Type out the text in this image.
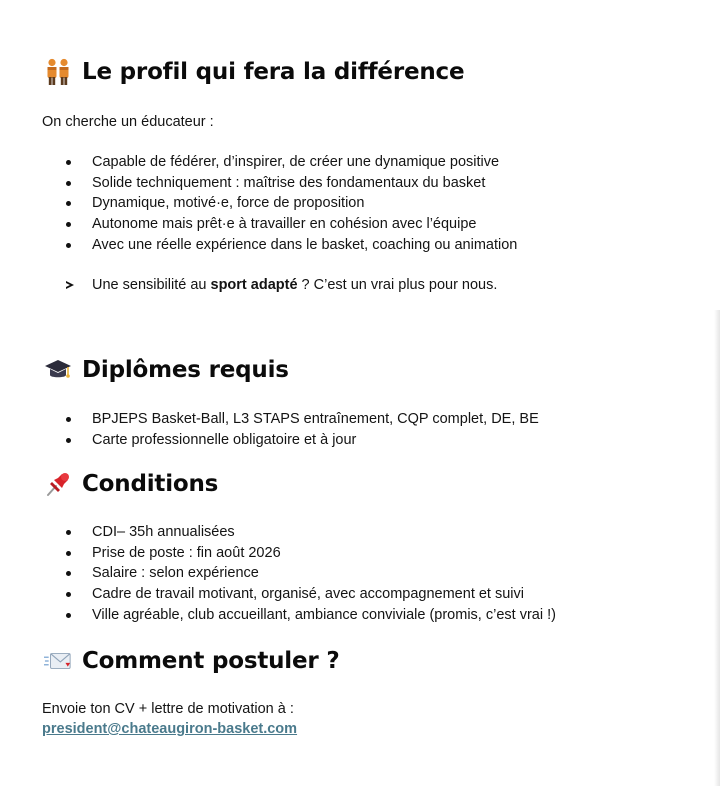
Le profil qui fera la différence

On cherche un éducateur :

Capable de fédérer, d’inspirer, de créer une dynamique positive
Solide techniquement : maîtrise des fondamentaux du basket
Dynamique, motivé·e, force de proposition
Autonome mais prêt·e à travailler en cohésion avec l’équipe
Avec une réelle expérience dans le basket, coaching ou animation
Une sensibilité au sport adapté ? C’est un vrai plus pour nous.
Diplômes requis
BPJEPS Basket-Ball, L3 STAPS entraînement, CQP complet, DE, BE
Carte professionnelle obligatoire et à jour
Conditions
CDI– 35h annualisées
Prise de poste : fin août 2026
Salaire : selon expérience
Cadre de travail motivant, organisé, avec accompagnement et suivi
Ville agréable, club accueillant, ambiance conviviale (promis, c’est vrai !)
Comment postuler ?

Envoie ton CV + lettre de motivation à :

president@chateaugiron-basket.com
